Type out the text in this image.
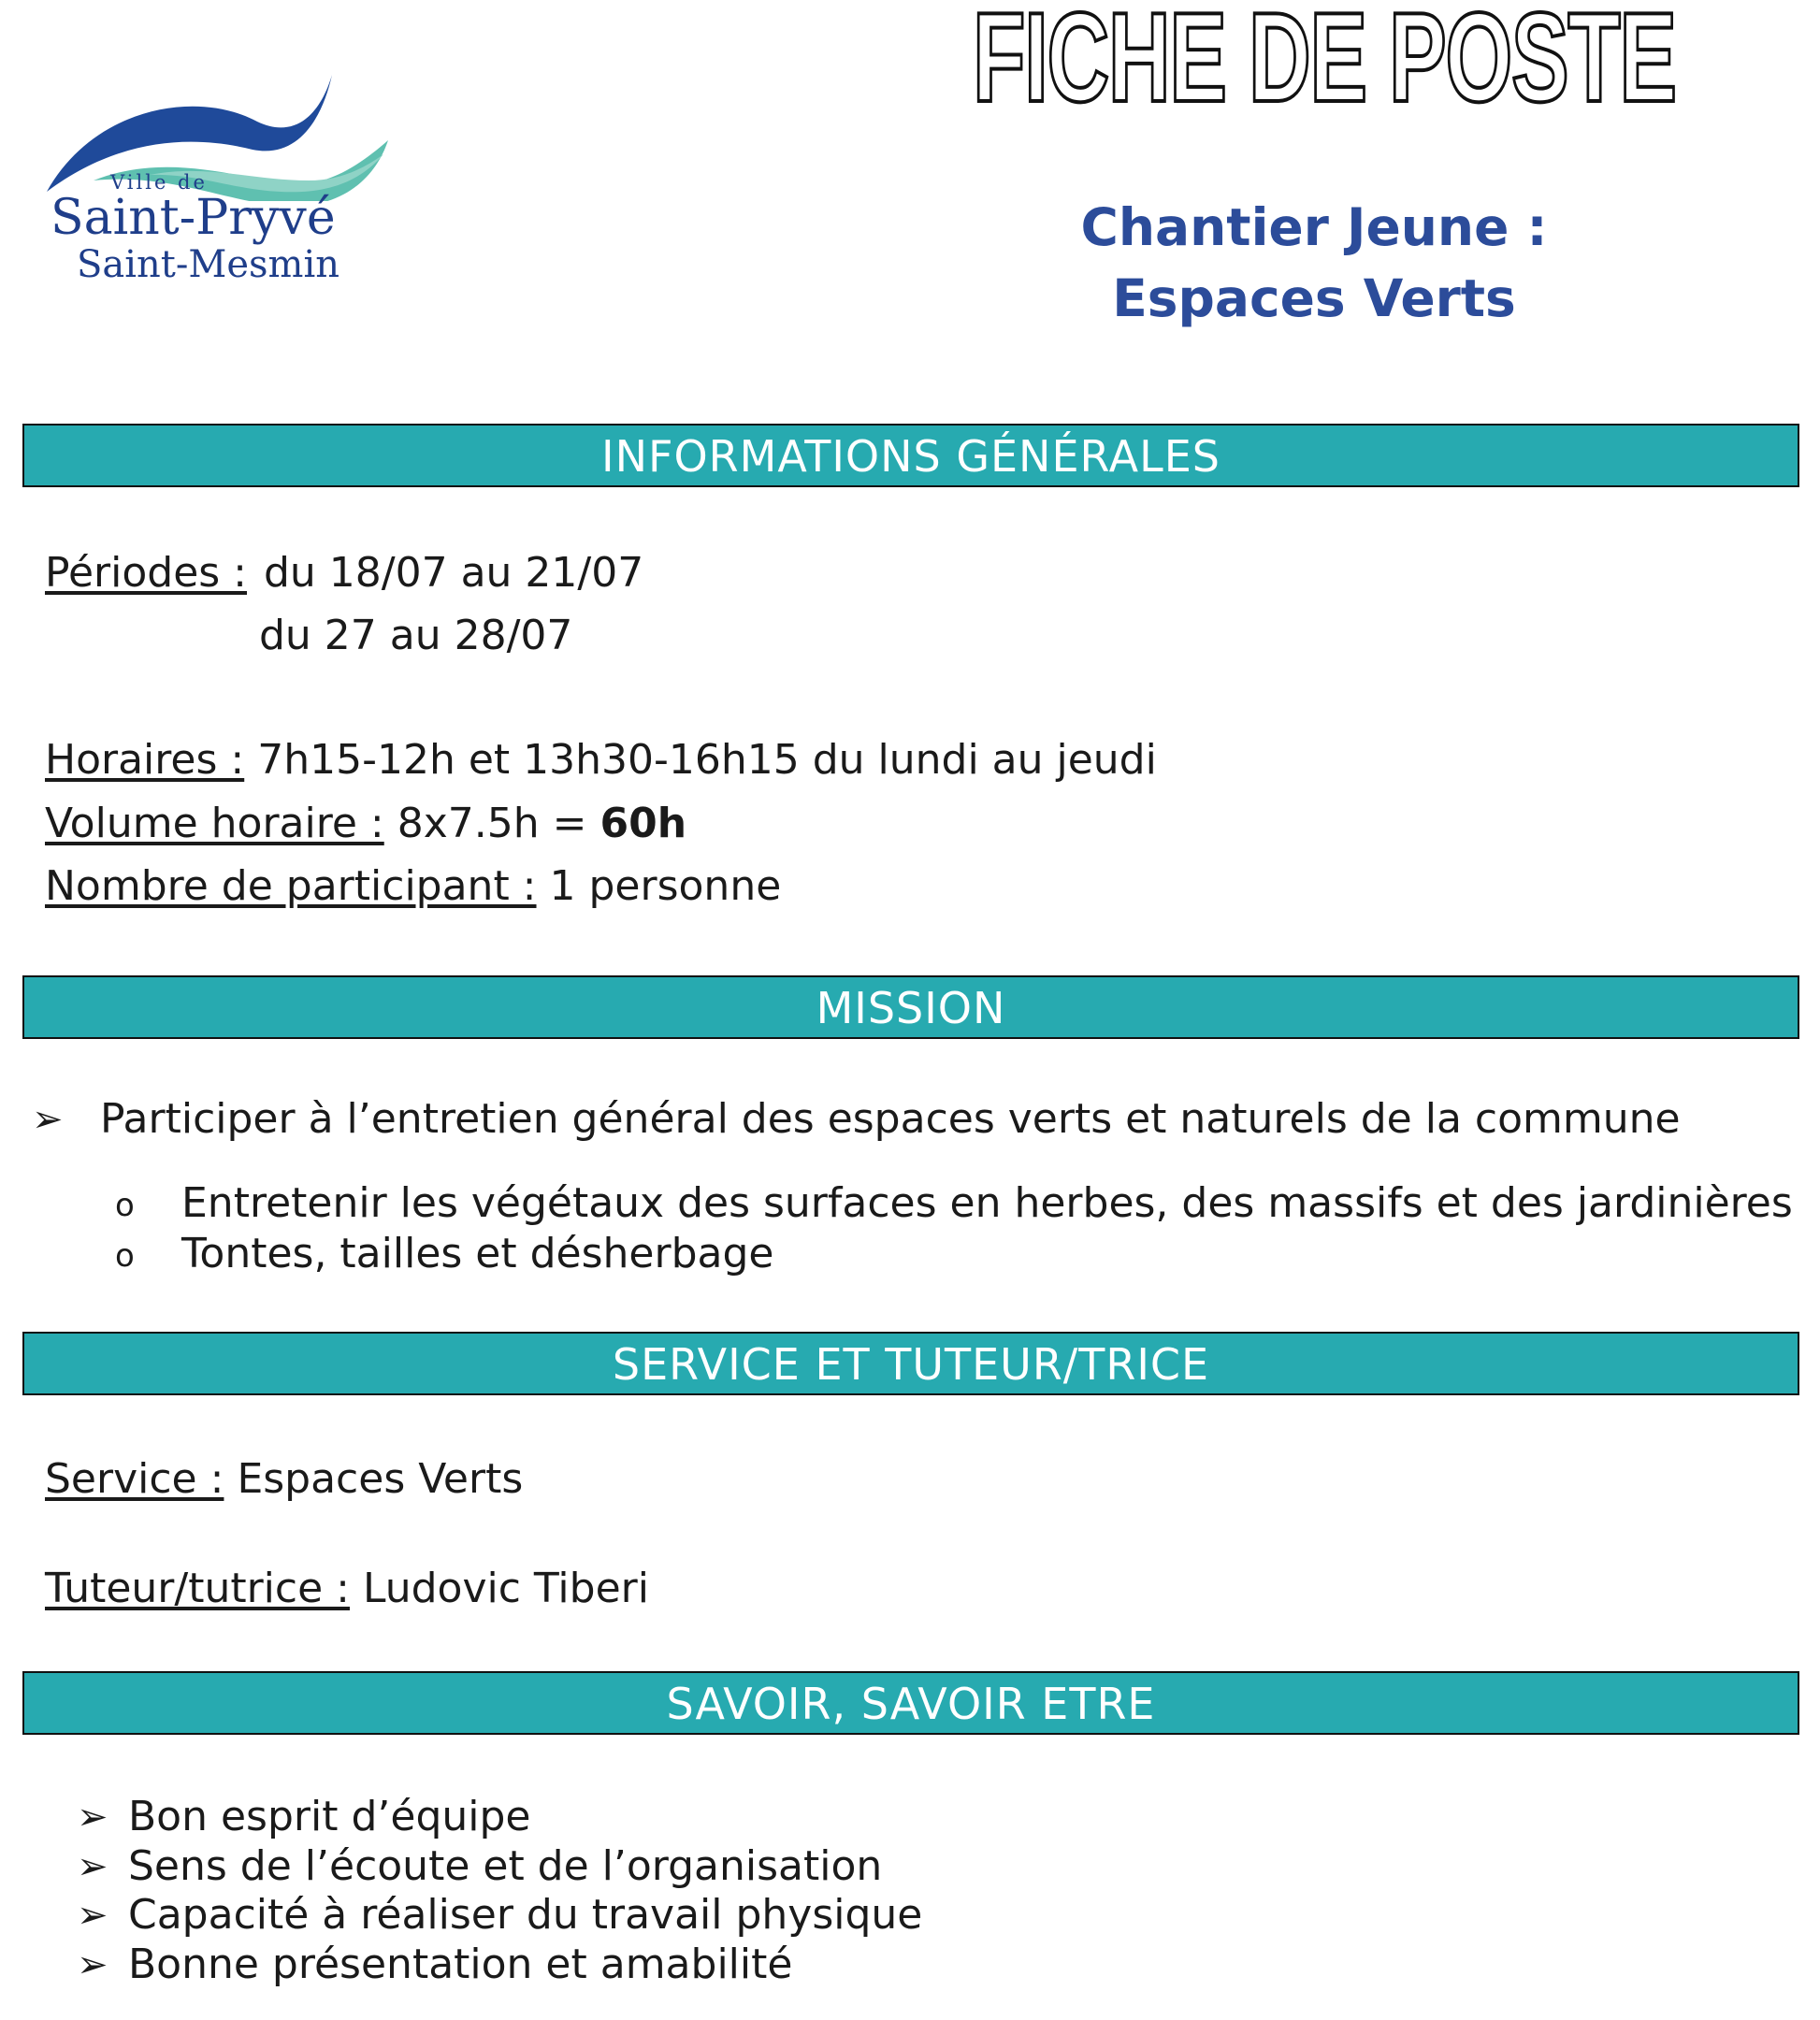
Ville de
Saint-Pryvé
Saint-Mesmin
FICHE DE POSTE
Chantier Jeune :
Espaces Verts
INFORMATIONS GÉNÉRALES
Périodes : du 18/07 au 21/07
du 27 au 28/07
Horaires : 7h15-12h et 13h30-16h15 du lundi au jeudi
Volume horaire : 8x7.5h = 60h
Nombre de participant : 1 personne
MISSION
➢ Participer à l’entretien général des espaces verts et naturels de la commune
o Entretenir les végétaux des surfaces en herbes, des massifs et des jardinières
o Tontes, tailles et désherbage
SERVICE ET TUTEUR/TRICE
Service : Espaces Verts
Tuteur/tutrice : Ludovic Tiberi
SAVOIR, SAVOIR ETRE
➢ Bon esprit d’équipe
➢ Sens de l’écoute et de l’organisation
➢ Capacité à réaliser du travail physique
➢ Bonne présentation et amabilité
